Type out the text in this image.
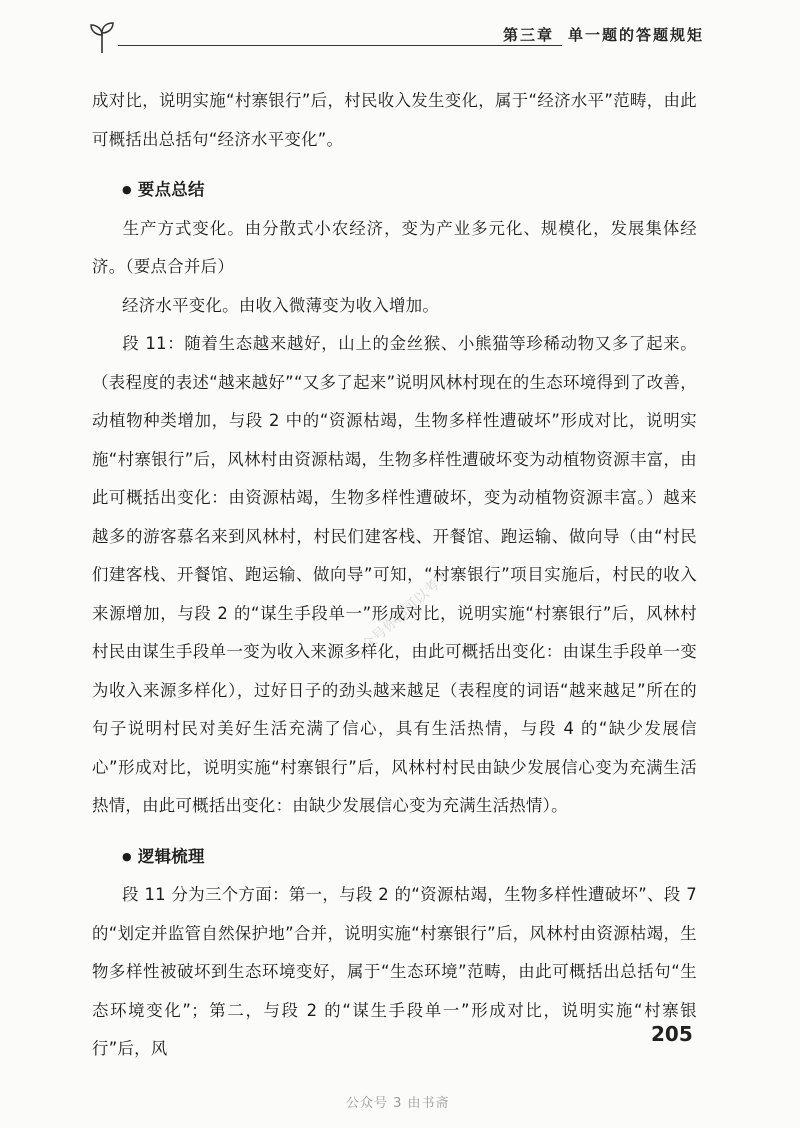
第三章 单一题的答题规矩
公众号你都可以考上

成对比，说明实施“村寨银行”后，村民收入发生变化，属于“经济水平”范畴，由此可概括出总括句“经济水平变化”。

● 要点总结

生产方式变化。由分散式小农经济，变为产业多元化、规模化，发展集体经济。（要点合并后）

经济水平变化。由收入微薄变为收入增加。

段 11：随着生态越来越好，山上的金丝猴、小熊猫等珍稀动物又多了起来。（表程度的表述“越来越好”“又多了起来”说明风林村现在的生态环境得到了改善，动植物种类增加，与段 2 中的“资源枯竭，生物多样性遭破坏”形成对比，说明实施“村寨银行”后，风林村由资源枯竭，生物多样性遭破坏变为动植物资源丰富，由此可概括出变化：由资源枯竭，生物多样性遭破坏，变为动植物资源丰富。）越来越多的游客慕名来到风林村，村民们建客栈、开餐馆、跑运输、做向导（由“村民们建客栈、开餐馆、跑运输、做向导”可知，“村寨银行”项目实施后，村民的收入来源增加，与段 2 的“谋生手段单一”形成对比，说明实施“村寨银行”后，风林村村民由谋生手段单一变为收入来源多样化，由此可概括出变化：由谋生手段单一变为收入来源多样化），过好日子的劲头越来越足（表程度的词语“越来越足”所在的句子说明村民对美好生活充满了信心，具有生活热情，与段 4 的“缺少发展信心”形成对比，说明实施“村寨银行”后，风林村村民由缺少发展信心变为充满生活热情，由此可概括出变化：由缺少发展信心变为充满生活热情）。

● 逻辑梳理

段 11 分为三个方面：第一，与段 2 的“资源枯竭，生物多样性遭破坏”、段 7 的“划定并监管自然保护地”合并，说明实施“村寨银行”后，风林村由资源枯竭，生物多样性被破坏到生态环境变好，属于“生态环境”范畴，由此可概括出总括句“生态环境变化”；第二，与段 2 的“谋生手段单一”形成对比，说明实施“村寨银行”后，风

205
公众号 3 由书斋
